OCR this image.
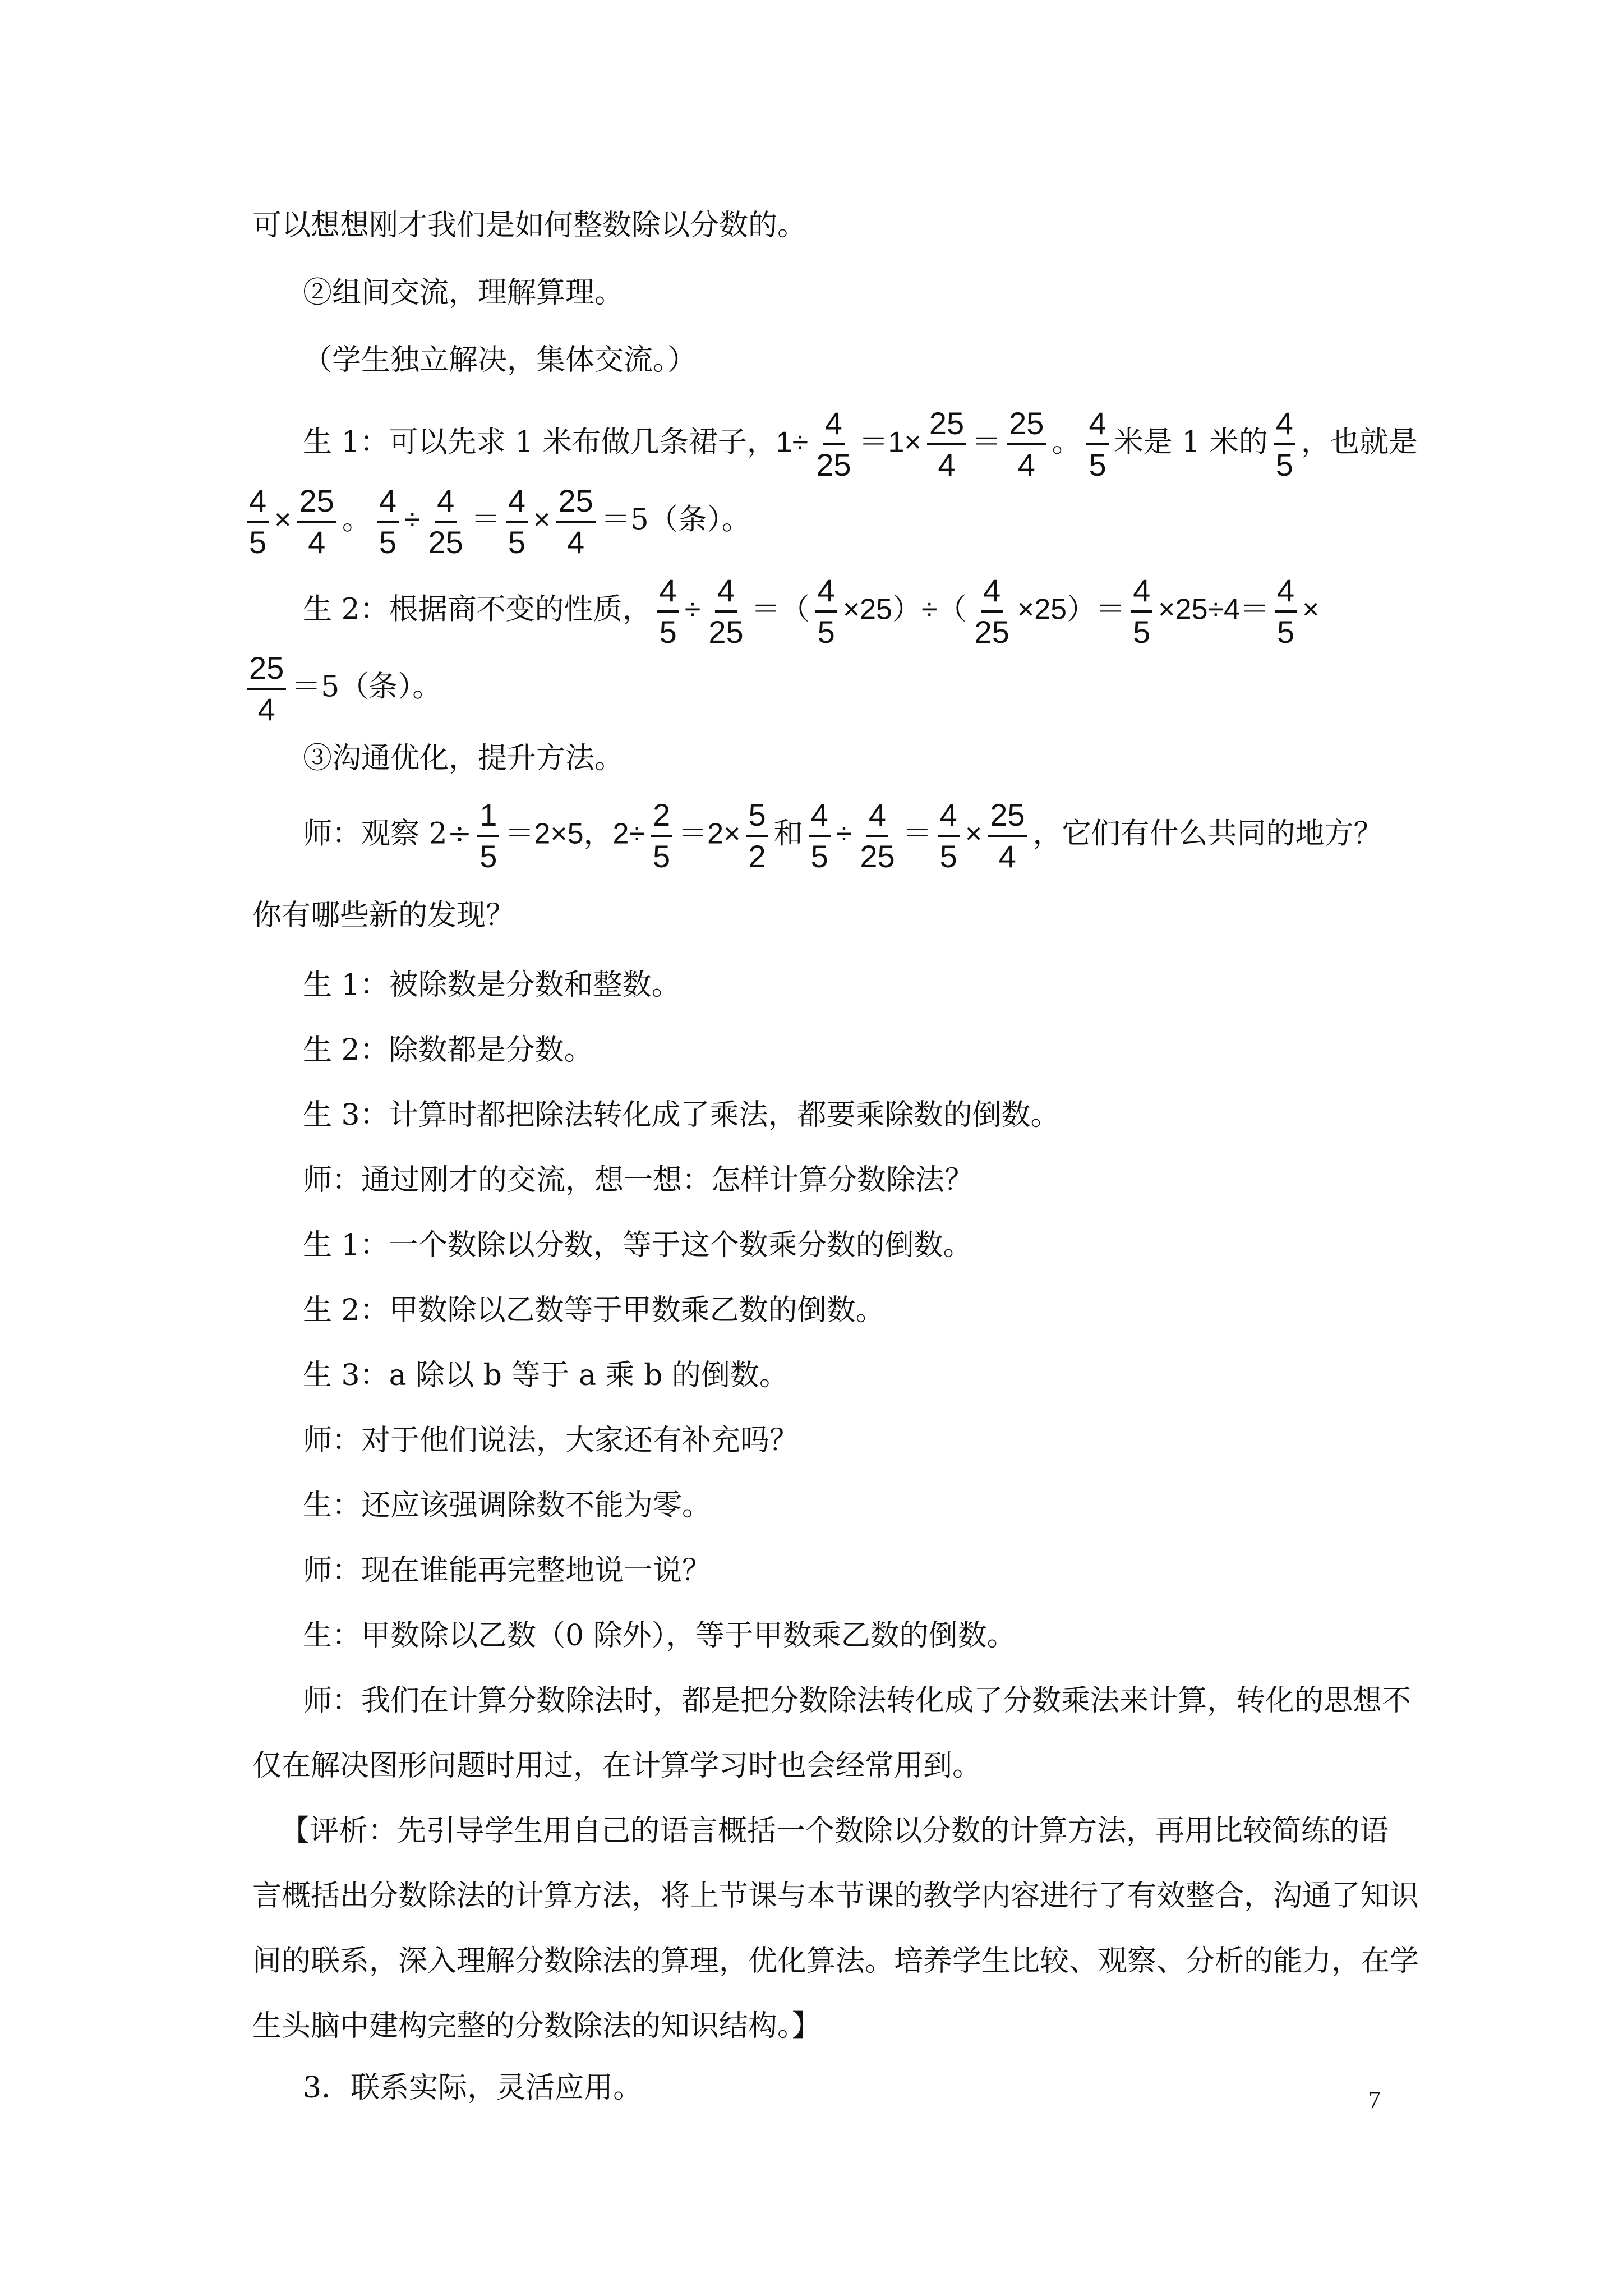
可以想想刚才我们是如何整数除以分数的。
②组间交流，理解算理。
（学生独立解决，集体交流。）
生 1：可以先求 1 米布做几条裙子，$1\div \frac{4}{25} =1\times \frac{25}{4} = \frac{25}{4}$ 。 $\frac{4}{5}$ 米是 1 米的 $\frac{4}{5}$ ，也就是
$\frac{4}{5} \times \frac{25}{4}$ 。 $\frac{4}{5} \div \frac{4}{25} = \frac{4}{5} \times \frac{25}{4} =5$（条）。
生 2：根据商不变的性质， $\frac{4}{5} \div \frac{4}{25}$ ＝（ $\frac{4}{5} \times 25)\div( \frac{4}{25} \times 25)= \frac{4}{5} \times 25\div 4= \frac{4}{5}$ ×
$\frac{25}{4} =5$（条）。
③沟通优化，提升方法。
师：观察 $2\div \frac{1}{5} =2\times 5$，$2\div \frac{2}{5} =2\times \frac{5}{2}$ 和 $\frac{4}{5} \div \frac{4}{25} = \frac{4}{5} \times \frac{25}{4}$ ，它们有什么共同的地方？
你有哪些新的发现？
生 1：被除数是分数和整数。
生 2：除数都是分数。
生 3：计算时都把除法转化成了乘法，都要乘除数的倒数。
师：通过刚才的交流，想一想：怎样计算分数除法？
生 1：一个数除以分数，等于这个数乘分数的倒数。
生 2：甲数除以乙数等于甲数乘乙数的倒数。
生 3：a 除以 b 等于 a 乘 b 的倒数。
师：对于他们说法，大家还有补充吗？
生：还应该强调除数不能为零。
师：现在谁能再完整地说一说？
生：甲数除以乙数（0 除外），等于甲数乘乙数的倒数。
师：我们在计算分数除法时，都是把分数除法转化成了分数乘法来计算，转化的思想不
仅在解决图形问题时用过，在计算学习时也会经常用到。
【评析：先引导学生用自己的语言概括一个数除以分数的计算方法，再用比较简练的语
言概括出分数除法的计算方法，将上节课与本节课的教学内容进行了有效整合，沟通了知识
间的联系，深入理解分数除法的算理，优化算法。培养学生比较、观察、分析的能力，在学
生头脑中建构完整的分数除法的知识结构。】
3．联系实际，灵活应用。	7
